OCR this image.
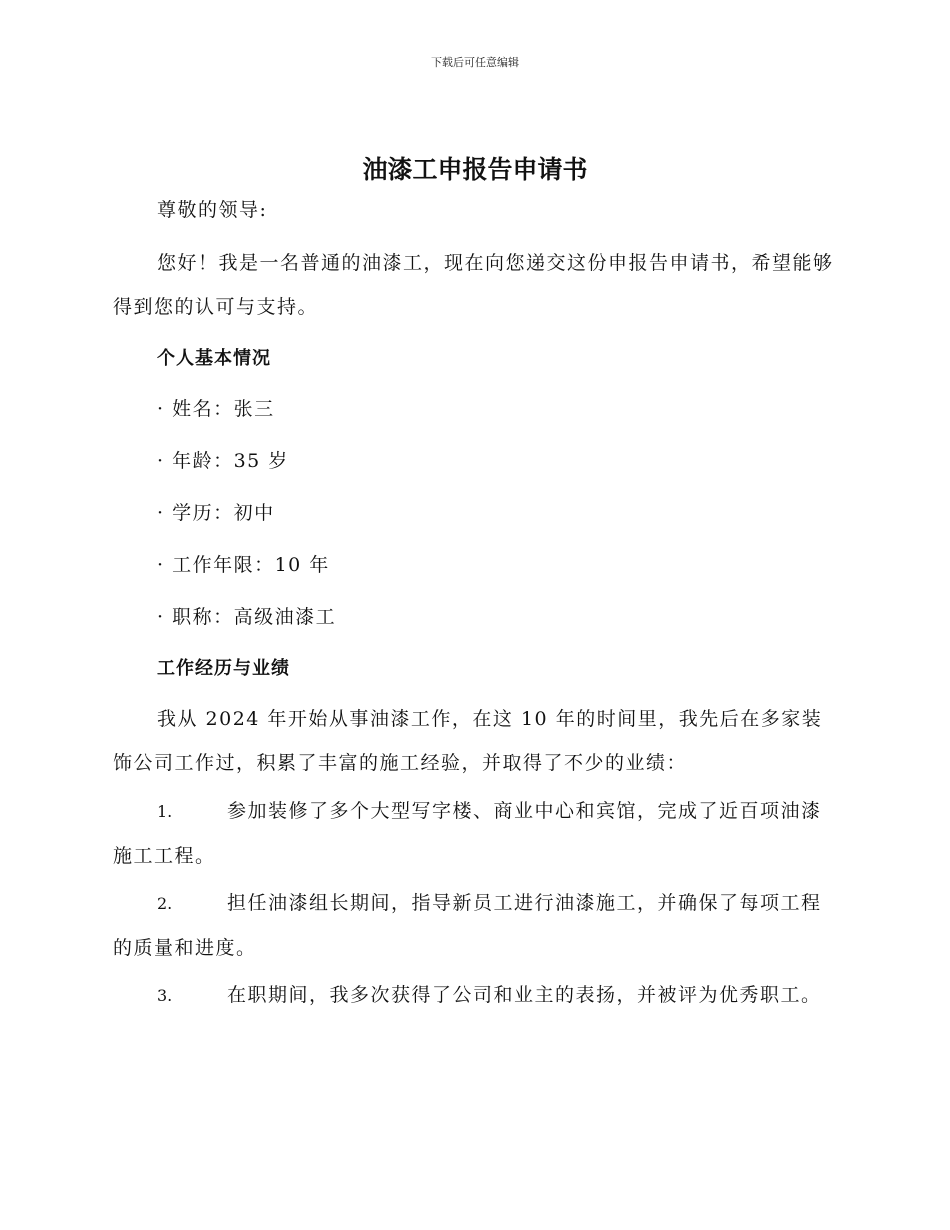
下载后可任意编辑
油漆工申报告申请书
尊敬的领导:
您好！我是一名普通的油漆工，现在向您递交这份申报告申请书，希望能够得到您的认可与支持。
个人基本情况
· 姓名：张三
· 年龄：35 岁
· 学历：初中
· 工作年限：10 年
· 职称：高级油漆工
工作经历与业绩
我从 2024 年开始从事油漆工作，在这 10 年的时间里，我先后在多家装饰公司工作过，积累了丰富的施工经验，并取得了不少的业绩：
1.	参加装修了多个大型写字楼、商业中心和宾馆，完成了近百项油漆施工工程。
2.	担任油漆组长期间，指导新员工进行油漆施工，并确保了每项工程的质量和进度。
3.	在职期间，我多次获得了公司和业主的表扬，并被评为优秀职工。
